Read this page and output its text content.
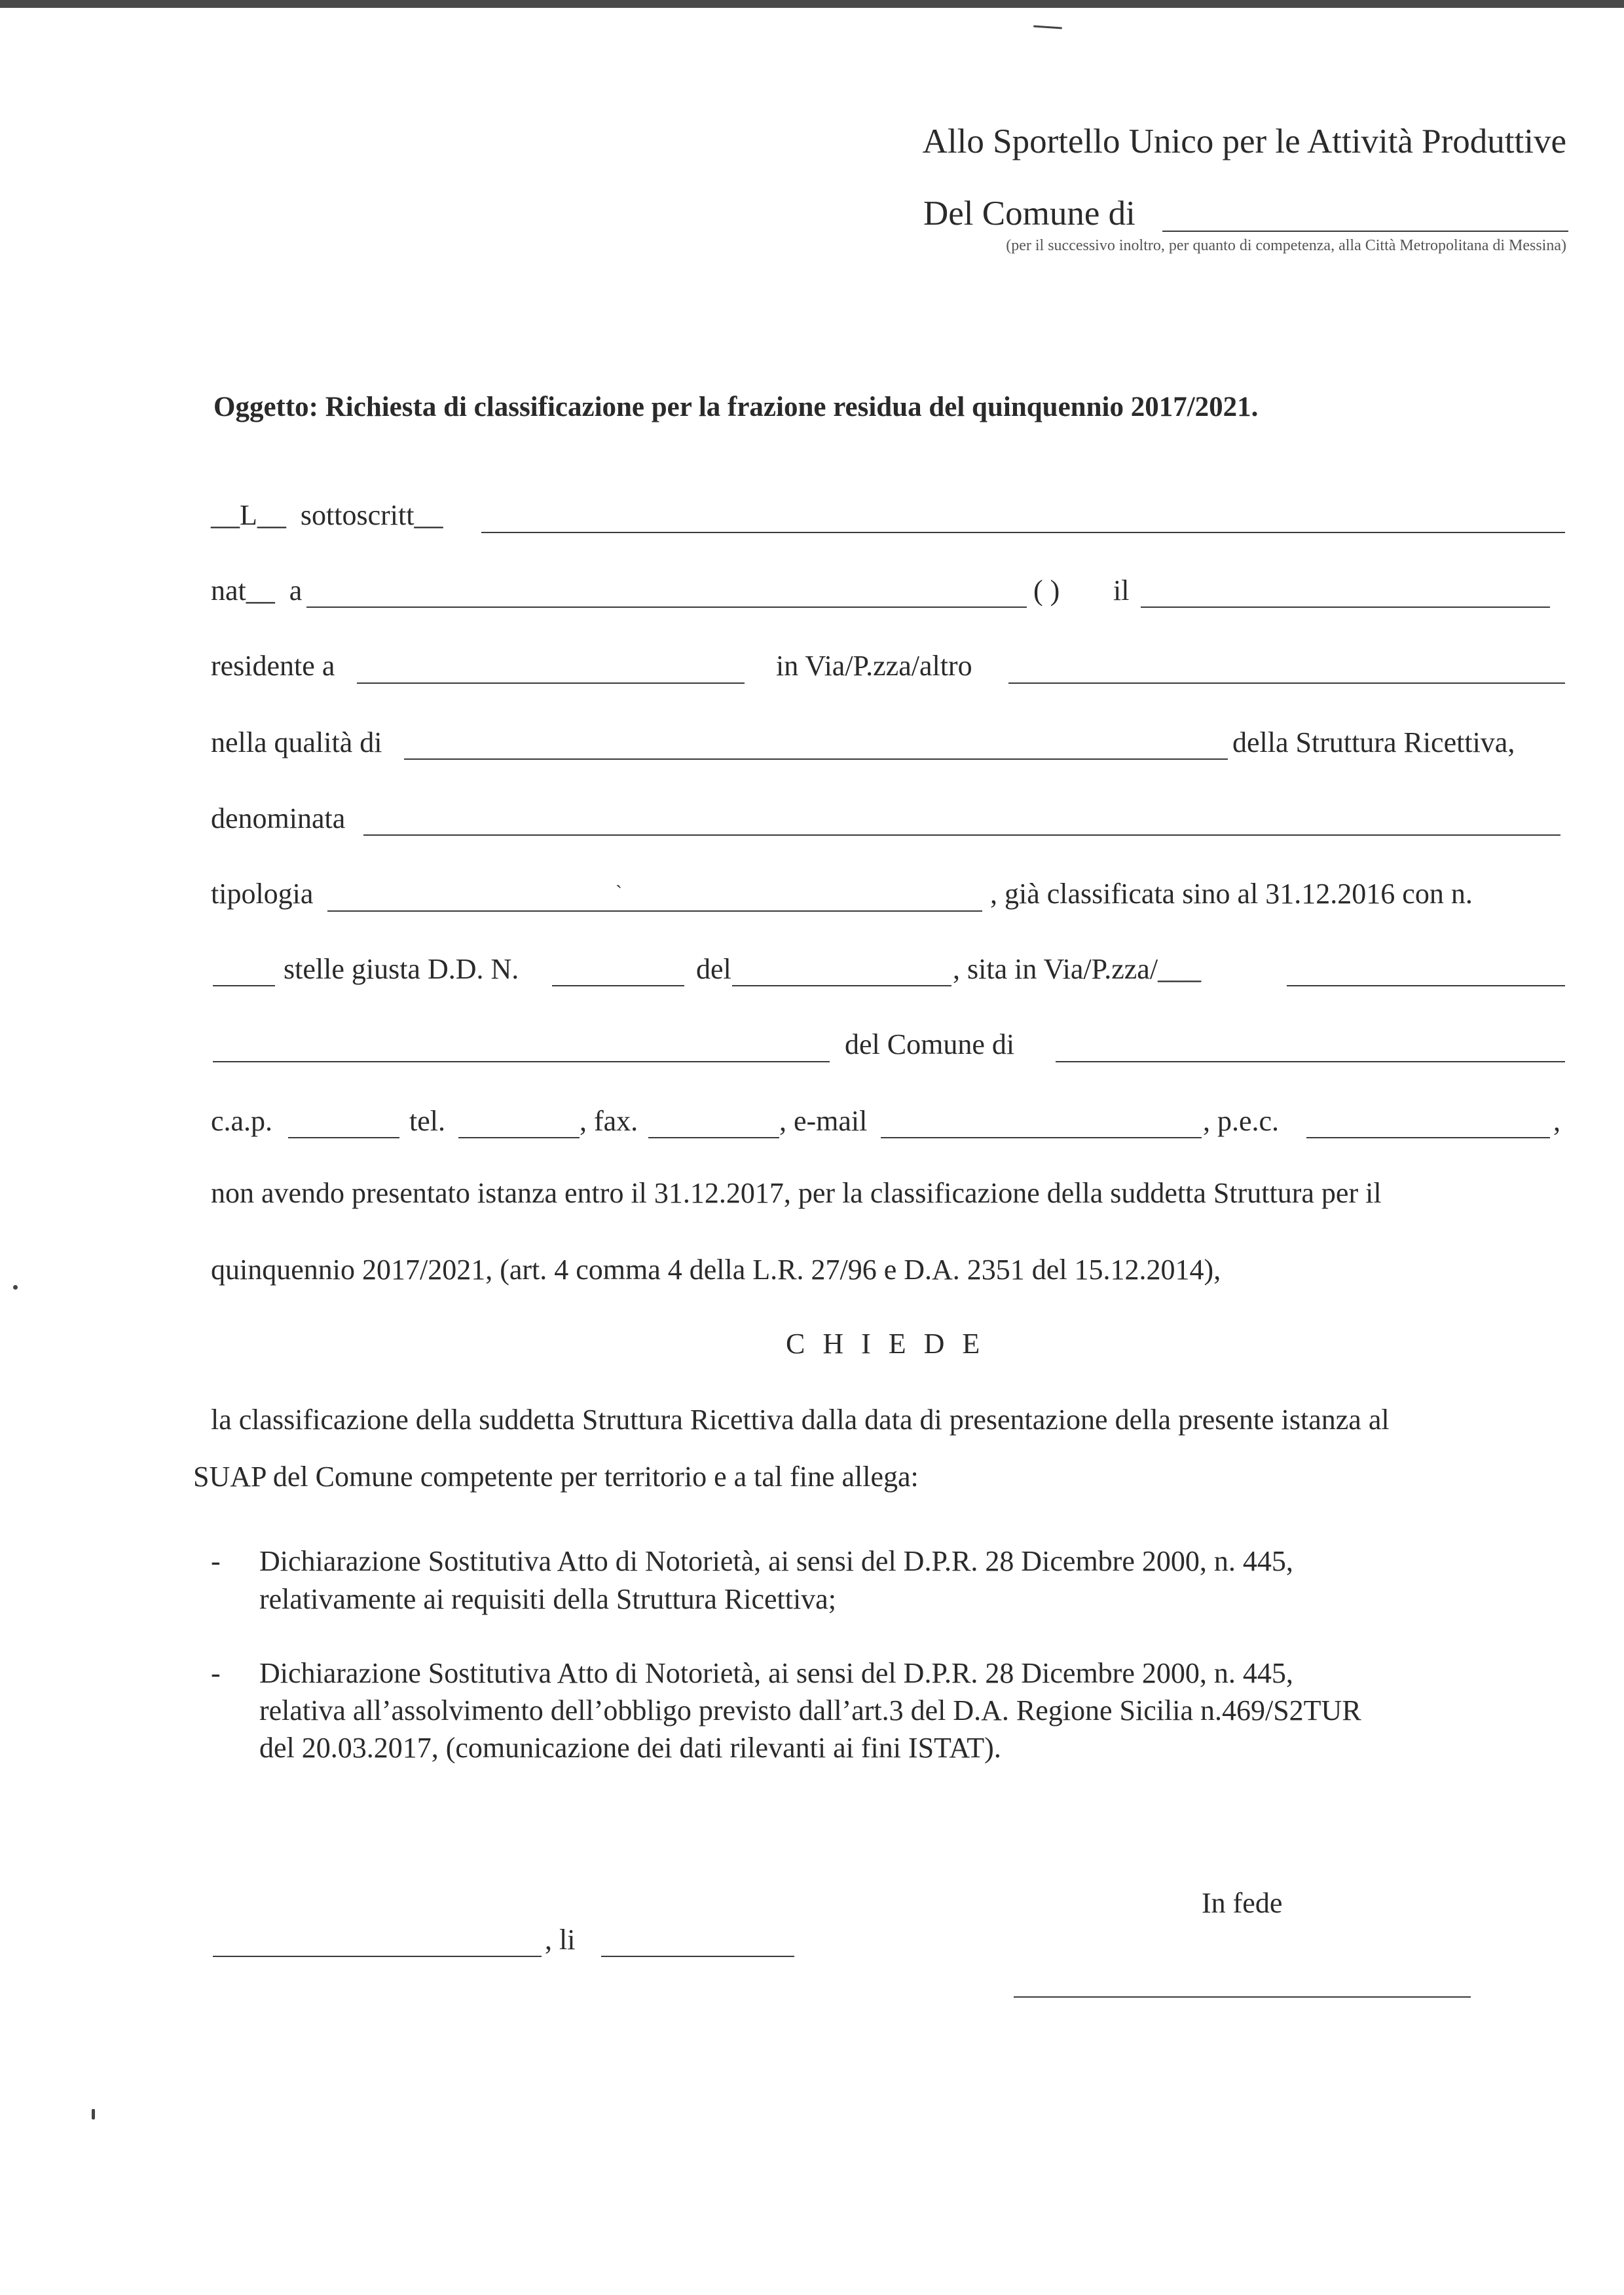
Allo Sportello Unico per le Attività Produttive
Del Comune di
(per il successivo inoltro, per quanto di competenza, alla Città Metropolitana di Messina)
Oggetto: Richiesta di classificazione per la frazione residua del quinquennio 2017/2021.
__L__ sottoscritt__
nat__ a	( ) il
residente a	in Via/P.zza/altro
nella qualità di	della Struttura Ricettiva,
denominata
tipologia	`	, già classificata sino al 31.12.2016 con n.
stelle giusta D.D. N.	del	, sita in Via/P.zza/___
del Comune di
c.a.p.	tel.	, fax.	, e-mail	, p.e.c.	,
non avendo presentato istanza entro il 31.12.2017, per la classificazione della suddetta Struttura per il
quinquennio 2017/2021, (art. 4 comma 4 della L.R. 27/96 e D.A. 2351 del 15.12.2014),
C H I E D E
la classificazione della suddetta Struttura Ricettiva dalla data di presentazione della presente istanza al
SUAP del Comune competente per territorio e a tal fine allega:
- Dichiarazione Sostitutiva Atto di Notorietà, ai sensi del D.P.R. 28 Dicembre 2000, n. 445,
relativamente ai requisiti della Struttura Ricettiva;
- Dichiarazione Sostitutiva Atto di Notorietà, ai sensi del D.P.R. 28 Dicembre 2000, n. 445,
relativa all’assolvimento dell’obbligo previsto dall’art.3 del D.A. Regione Sicilia n.469/S2TUR
del 20.03.2017, (comunicazione dei dati rilevanti ai fini ISTAT).
In fede
, li
